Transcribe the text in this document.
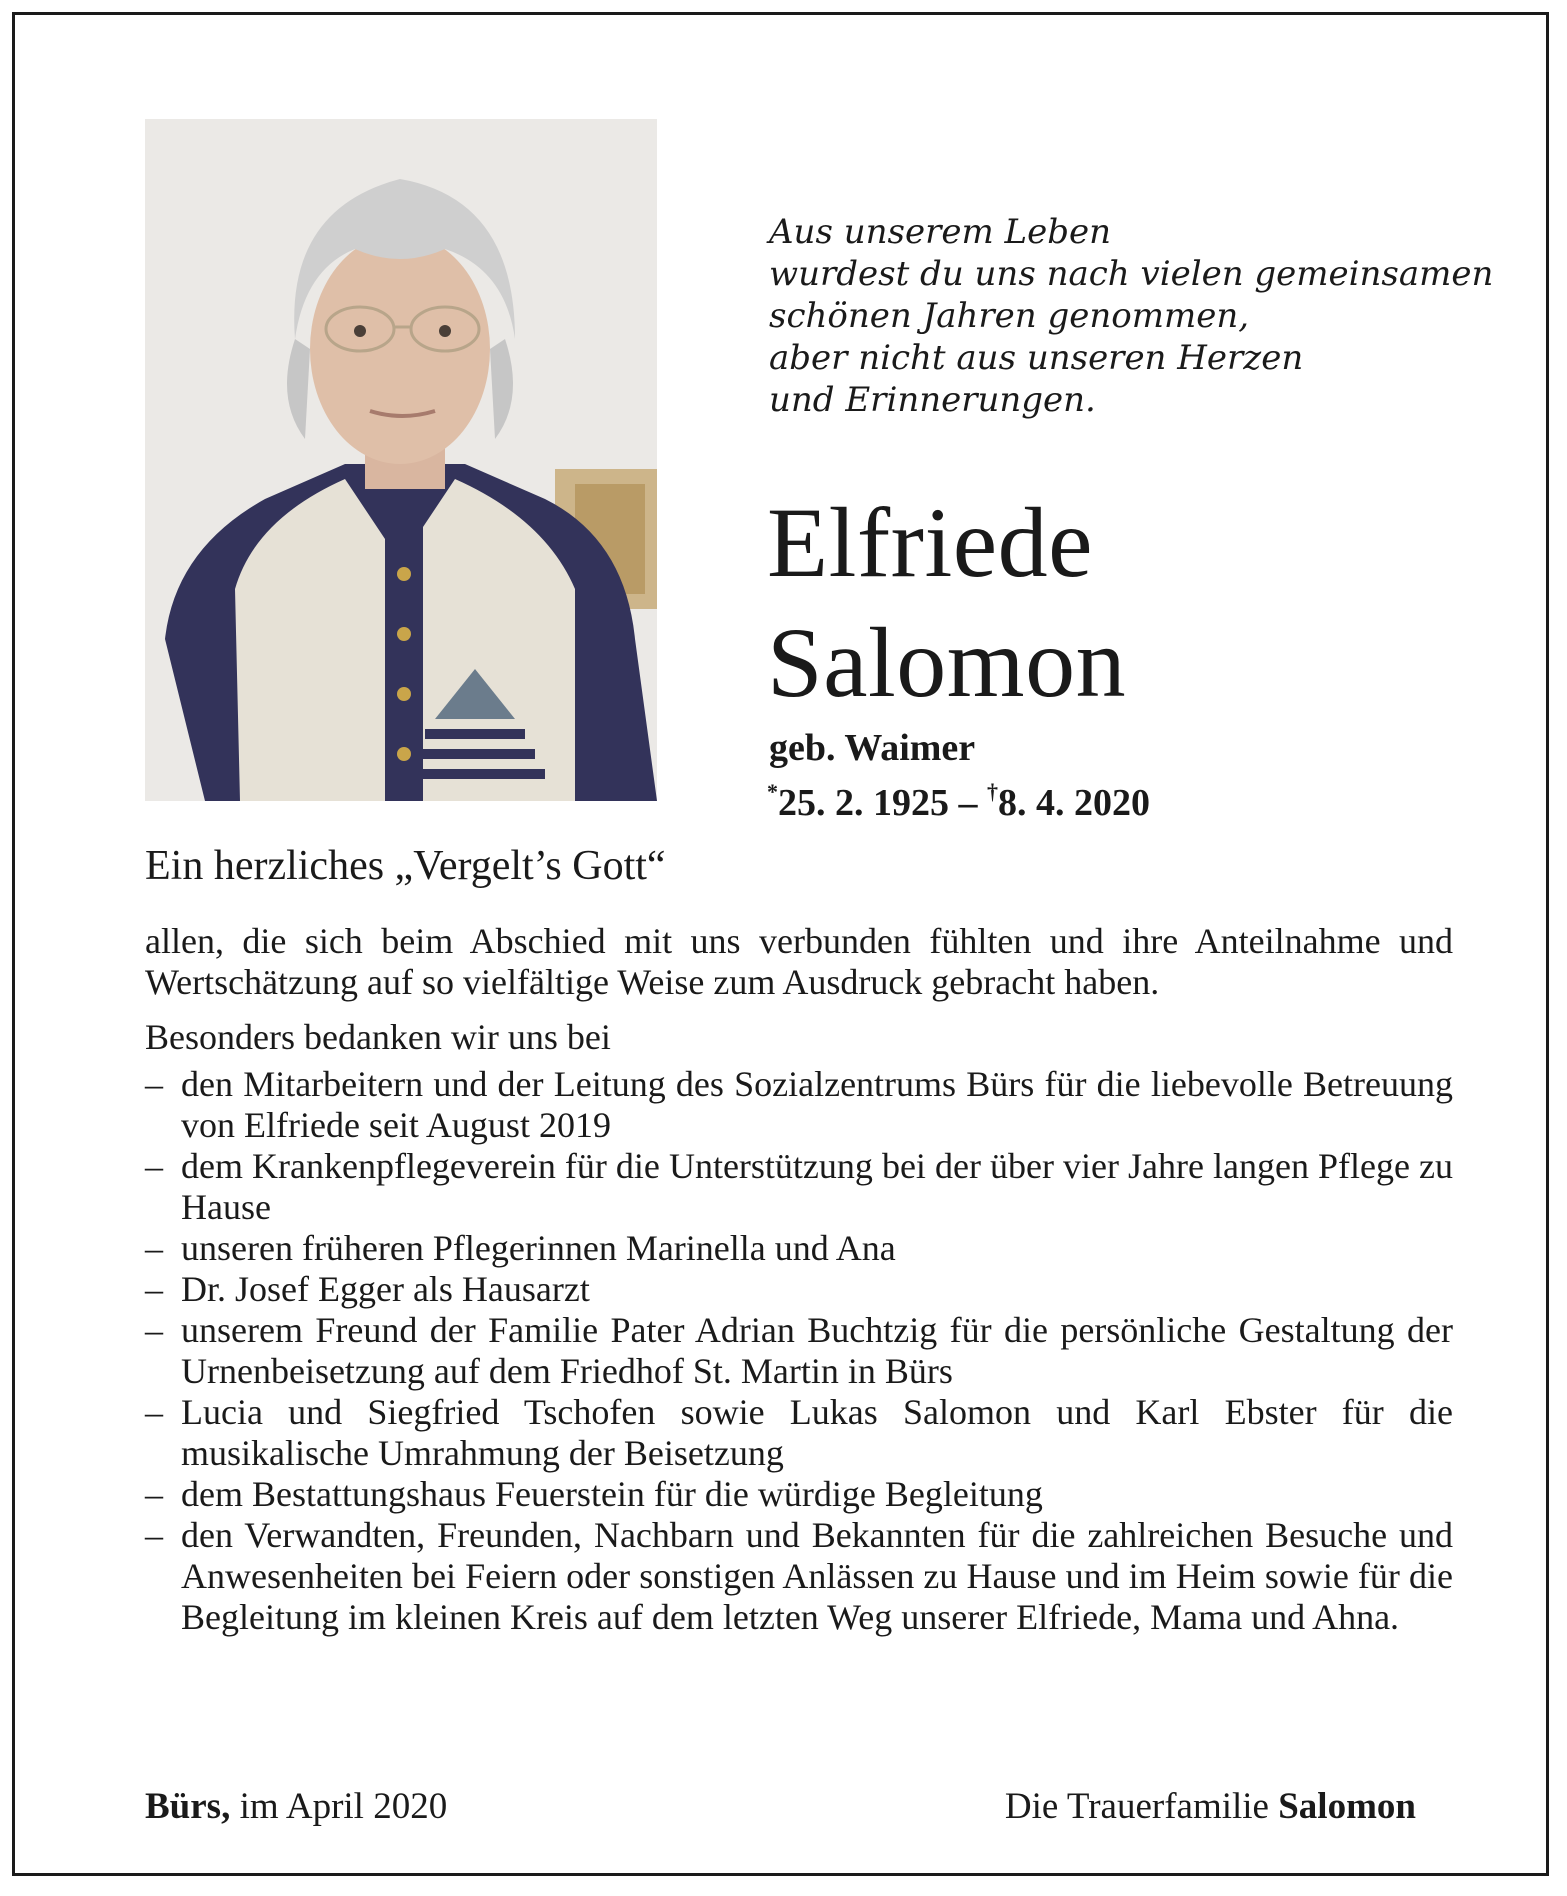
Aus unserem Leben
wurdest du uns nach vielen gemeinsamen
schönen Jahren genommen,
aber nicht aus unseren Herzen
und Erinnerungen.
Elfriede
Salomon
geb. Waimer
*25. 2. 1925 – †8. 4. 2020
Ein herzliches „Vergelt’s Gott“

allen, die sich beim Abschied mit uns verbunden fühlten und ihre Anteilnahme und Wertschätzung auf so vielfältige Weise zum Ausdruck gebracht haben.

Besonders bedanken wir uns bei

– den Mitarbeitern und der Leitung des Sozialzentrums Bürs für die liebevolle Betreuung von Elfriede seit August 2019
– dem Krankenpflegeverein für die Unterstützung bei der über vier Jahre langen Pflege zu Hause
– unseren früheren Pflegerinnen Marinella und Ana
– Dr. Josef Egger als Hausarzt
– unserem Freund der Familie Pater Adrian Buchtzig für die persönliche Gestaltung der Urnenbeisetzung auf dem Friedhof St. Martin in Bürs
– Lucia und Siegfried Tschofen sowie Lukas Salomon und Karl Ebster für die musikalische Umrahmung der Beisetzung
– dem Bestattungshaus Feuerstein für die würdige Begleitung
– den Verwandten, Freunden, Nachbarn und Bekannten für die zahlreichen Besuche und Anwesenheiten bei Feiern oder sonstigen Anlässen zu Hause und im Heim sowie für die Begleitung im kleinen Kreis auf dem letzten Weg unserer Elfriede, Mama und Ahna.
Bürs, im April 2020	Die Trauerfamilie Salomon
